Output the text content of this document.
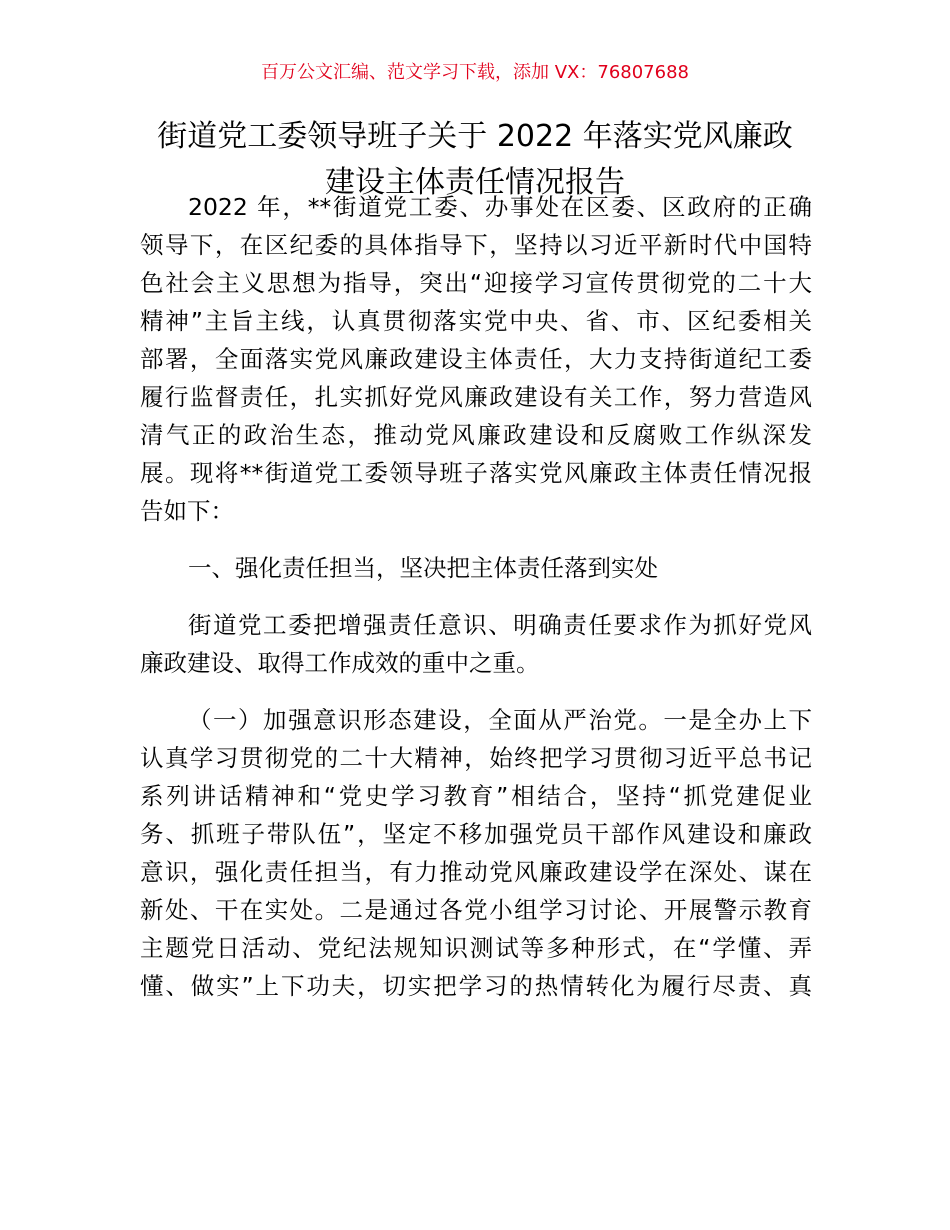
百万公文汇编、范文学习下载，添加 VX：76807688
街道党工委领导班子关于 2022 年落实党风廉政
建设主体责任情况报告
2022 年，**街道党工委、办事处在区委、区政府的正确
领导下，在区纪委的具体指导下，坚持以习近平新时代中国特
色社会主义思想为指导，突出“迎接学习宣传贯彻党的二十大
精神”主旨主线，认真贯彻落实党中央、省、市、区纪委相关
部署，全面落实党风廉政建设主体责任，大力支持街道纪工委
履行监督责任，扎实抓好党风廉政建设有关工作，努力营造风
清气正的政治生态，推动党风廉政建设和反腐败工作纵深发
展。现将**街道党工委领导班子落实党风廉政主体责任情况报
告如下：
一、强化责任担当，坚决把主体责任落到实处
街道党工委把增强责任意识、明确责任要求作为抓好党风
廉政建设、取得工作成效的重中之重。
（一）加强意识形态建设，全面从严治党。一是全办上下
认真学习贯彻党的二十大精神，始终把学习贯彻习近平总书记
系列讲话精神和“党史学习教育”相结合，坚持“抓党建促业
务、抓班子带队伍”，坚定不移加强党员干部作风建设和廉政
意识，强化责任担当，有力推动党风廉政建设学在深处、谋在
新处、干在实处。二是通过各党小组学习讨论、开展警示教育
主题党日活动、党纪法规知识测试等多种形式，在“学懂、弄
懂、做实”上下功夫，切实把学习的热情转化为履行尽责、真
